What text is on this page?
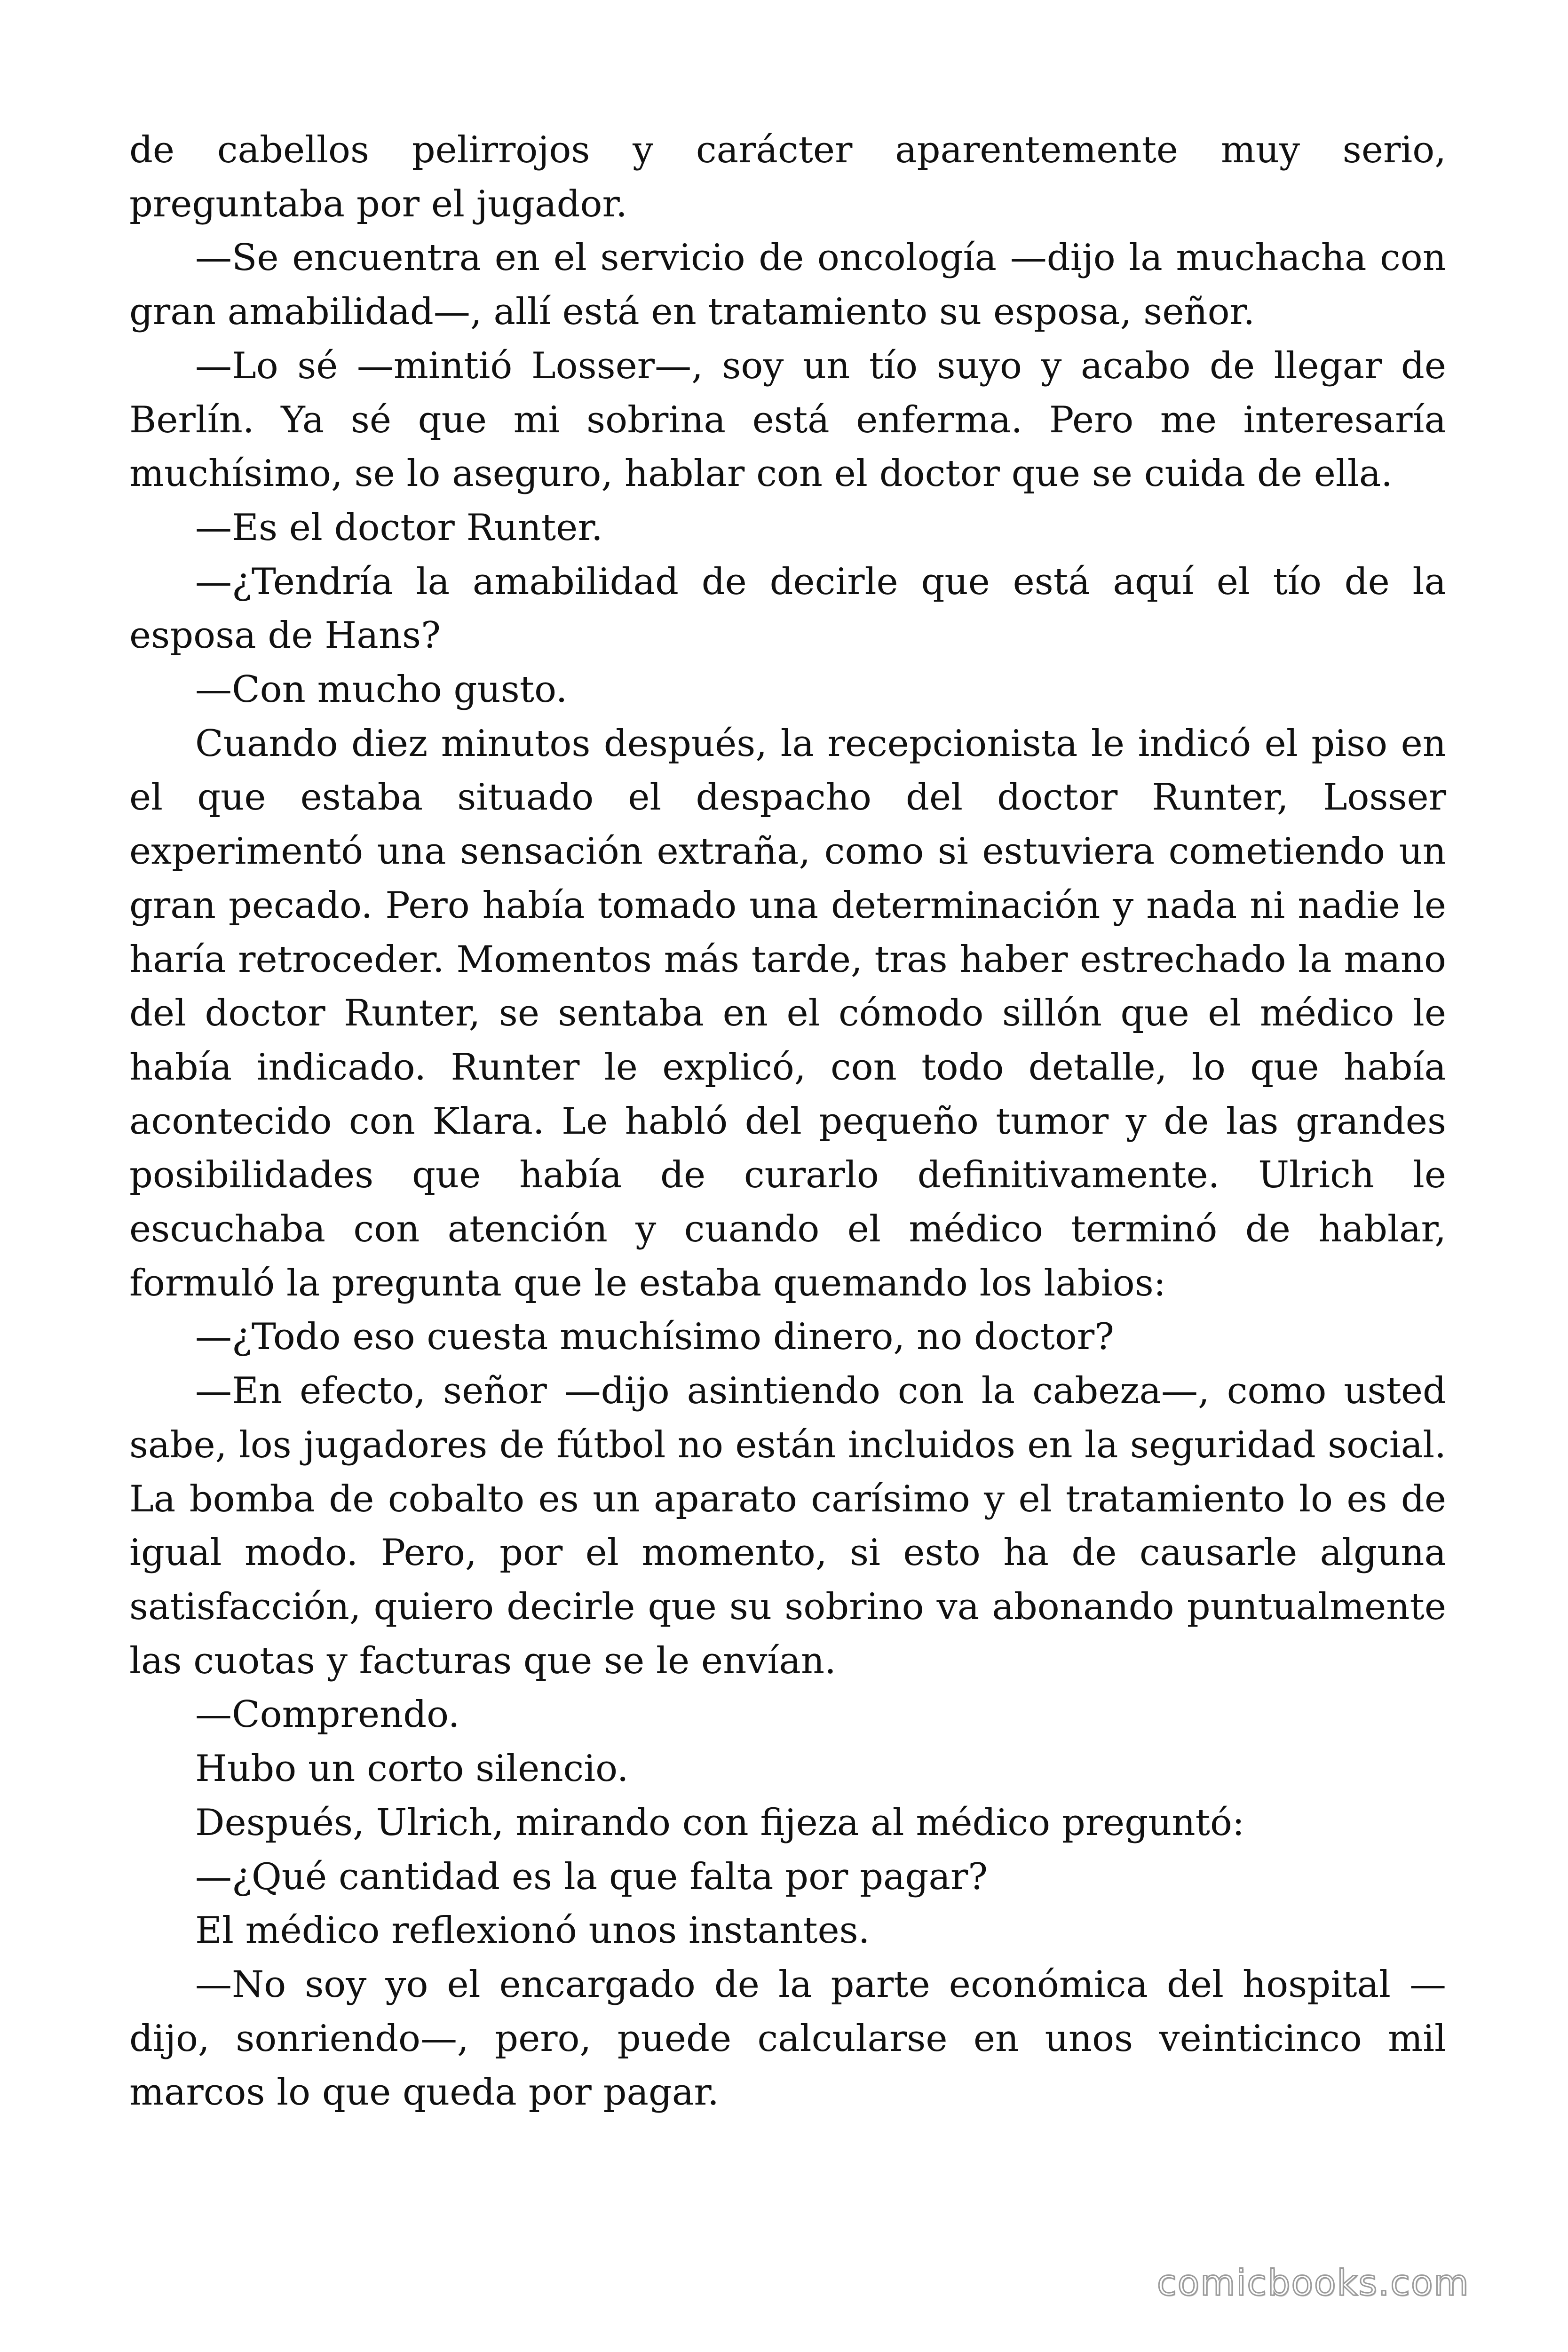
de cabellos pelirrojos y carácter aparentemente muy serio, preguntaba por el jugador.

—Se encuentra en el servicio de oncología —dijo la muchacha con gran amabilidad—, allí está en tratamiento su esposa, señor.

—Lo sé —mintió Losser—, soy un tío suyo y acabo de llegar de Berlín. Ya sé que mi sobrina está enferma. Pero me interesaría muchísimo, se lo aseguro, hablar con el doctor que se cuida de ella.

—Es el doctor Runter.

—¿Tendría la amabilidad de decirle que está aquí el tío de la esposa de Hans?

—Con mucho gusto.

Cuando diez minutos después, la recepcionista le indicó el piso en el que estaba situado el despacho del doctor Runter, Losser experimentó una sensación extraña, como si estuviera cometiendo un gran pecado. Pero había tomado una determinación y nada ni nadie le haría retroceder. Momentos más tarde, tras haber estrechado la mano del doctor Runter, se sentaba en el cómodo sillón que el médico le había indicado. Runter le explicó, con todo detalle, lo que había acontecido con Klara. Le habló del pequeño tumor y de las grandes posibilidades que había de curarlo definitivamente. Ulrich le escuchaba con atención y cuando el médico terminó de hablar, formuló la pregunta que le estaba quemando los labios:

—¿Todo eso cuesta muchísimo dinero, no doctor?

—En efecto, señor —dijo asintiendo con la cabeza—, como usted sabe, los jugadores de fútbol no están incluidos en la seguridad social. La bomba de cobalto es un aparato carísimo y el tratamiento lo es de igual modo. Pero, por el momento, si esto ha de causarle alguna satisfacción, quiero decirle que su sobrino va abonando puntualmente las cuotas y facturas que se le envían.

—Comprendo.

Hubo un corto silencio.

Después, Ulrich, mirando con fijeza al médico preguntó:

—¿Qué cantidad es la que falta por pagar?

El médico reflexionó unos instantes.

—No soy yo el encargado de la parte económica del hospital —dijo, sonriendo—, pero, puede calcularse en unos veinticinco mil marcos lo que queda por pagar.

comicbooks.com
